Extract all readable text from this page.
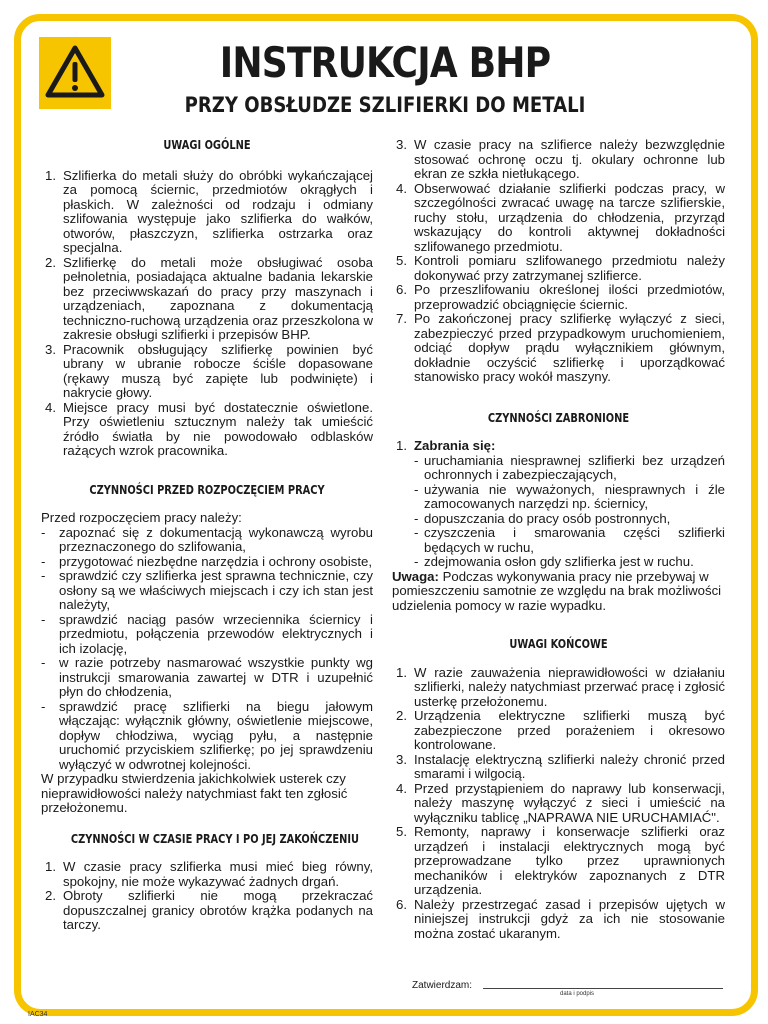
INSTRUKCJA BHP
PRZY OBSŁUDZE SZLIFIERKI DO METALI
UWAGI OGÓLNE
1. Szlifierka do metali służy do obróbki wykańczającej za pomocą ściernic, przedmiotów okrągłych i płaskich. W zależności od rodzaju i odmiany szlifowania występuje jako szlifierka do wałków, otworów, płaszczyzn, szlifierka ostrzarka oraz specjalna.
2. Szlifierkę do metali może obsługiwać osoba pełnoletnia, posiadająca aktualne badania lekarskie bez przeciwwskazań do pracy przy maszynach i urządzeniach, zapoznana z dokumentacją techniczno-ruchową urządzenia oraz przeszkolona w zakresie obsługi szlifierki i przepisów BHP.
3. Pracownik obsługujący szlifierkę powinien być ubrany w ubranie robocze ściśle dopasowane (rękawy muszą być zapięte lub podwinięte) i nakrycie głowy.
4. Miejsce pracy musi być dostatecznie oświetlone. Przy oświetleniu sztucznym należy tak umieścić źródło światła by nie powodowało odblasków rażących wzrok pracownika.
CZYNNOŚCI PRZED ROZPOCZĘCIEM PRACY

Przed rozpoczęciem pracy należy:

- zapoznać się z dokumentacją wykonawczą wyrobu przeznaczonego do szlifowania,
- przygotować niezbędne narzędzia i ochrony osobiste,
- sprawdzić czy szlifierka jest sprawna technicznie, czy osłony są we właściwych miejscach i czy ich stan jest należyty,
- sprawdzić naciąg pasów wrzeciennika ściernicy i przedmiotu, połączenia przewodów elektrycznych i ich izolację,
- w razie potrzeby nasmarować wszystkie punkty wg instrukcji smarowania zawartej w DTR i uzupełnić płyn do chłodzenia,
- sprawdzić pracę szlifierki na biegu jałowym włączając: wyłącznik główny, oświetlenie miejscowe, dopływ chłodziwa, wyciąg pyłu, a następnie uruchomić przyciskiem szlifierkę; po jej sprawdzeniu wyłączyć w odwrotnej kolejności.

W przypadku stwierdzenia jakichkolwiek usterek czy nieprawidłowości należy natychmiast fakt ten zgłosić przełożonemu.

CZYNNOŚCI W CZASIE PRACY I PO JEJ ZAKOŃCZENIU
1. W czasie pracy szlifierka musi mieć bieg równy, spokojny, nie może wykazywać żadnych drgań.
2. Obroty szlifierki nie mogą przekraczać dopuszczalnej granicy obrotów krążka podanych na tarczy.
3. W czasie pracy na szlifierce należy bezwzględnie stosować ochronę oczu tj. okulary ochronne lub ekran ze szkła nietłukącego.
4. Obserwować działanie szlifierki podczas pracy, w szczególności zwracać uwagę na tarcze szlifierskie, ruchy stołu, urządzenia do chłodzenia, przyrząd wskazujący do kontroli aktywnej dokładności szlifowanego przedmiotu.
5. Kontroli pomiaru szlifowanego przedmiotu należy dokonywać przy zatrzymanej szlifierce.
6. Po przeszlifowaniu określonej ilości przedmiotów, przeprowadzić obciągnięcie ściernic.
7. Po zakończonej pracy szlifierkę wyłączyć z sieci, zabezpieczyć przed przypadkowym uruchomieniem, odciąć dopływ prądu wyłącznikiem głównym, dokładnie oczyścić szlifierkę i uporządkować stanowisko pracy wokół maszyny.
CZYNNOŚCI ZABRONIONE
1. Zabrania się:
- uruchamiania niesprawnej szlifierki bez urządzeń ochronnych i zabezpieczających,
- używania nie wyważonych, niesprawnych i źle zamocowanych narzędzi np. ściernicy,
- dopuszczania do pracy osób postronnych,
- czyszczenia i smarowania części szlifierki będących w ruchu,
- zdejmowania osłon gdy szlifierka jest w ruchu.

Uwaga: Podczas wykonywania pracy nie przebywaj w pomieszczeniu samotnie ze względu na brak możliwości udzielenia pomocy w razie wypadku.

UWAGI KOŃCOWE
1. W razie zauważenia nieprawidłowości w działaniu szlifierki, należy natychmiast przerwać pracę i zgłosić usterkę przełożonemu.
2. Urządzenia elektryczne szlifierki muszą być zabezpieczone przed porażeniem i okresowo kontrolowane.
3. Instalację elektryczną szlifierki należy chronić przed smarami i wilgocią.
4. Przed przystąpieniem do naprawy lub konserwacji, należy maszynę wyłączyć z sieci i umieścić na wyłączniku tablicę „NAPRAWA NIE URUCHAMIAĆ".
5. Remonty, naprawy i konserwacje szlifierki oraz urządzeń i instalacji elektrycznych mogą być przeprowadzane tylko przez uprawnionych mechaników i elektryków zapoznanych z DTR urządzenia.
6. Należy przestrzegać zasad i przepisów ujętych w niniejszej instrukcji gdyż za ich nie stosowanie można zostać ukaranym.
Zatwierdzam:
data i podpis
IAC34
